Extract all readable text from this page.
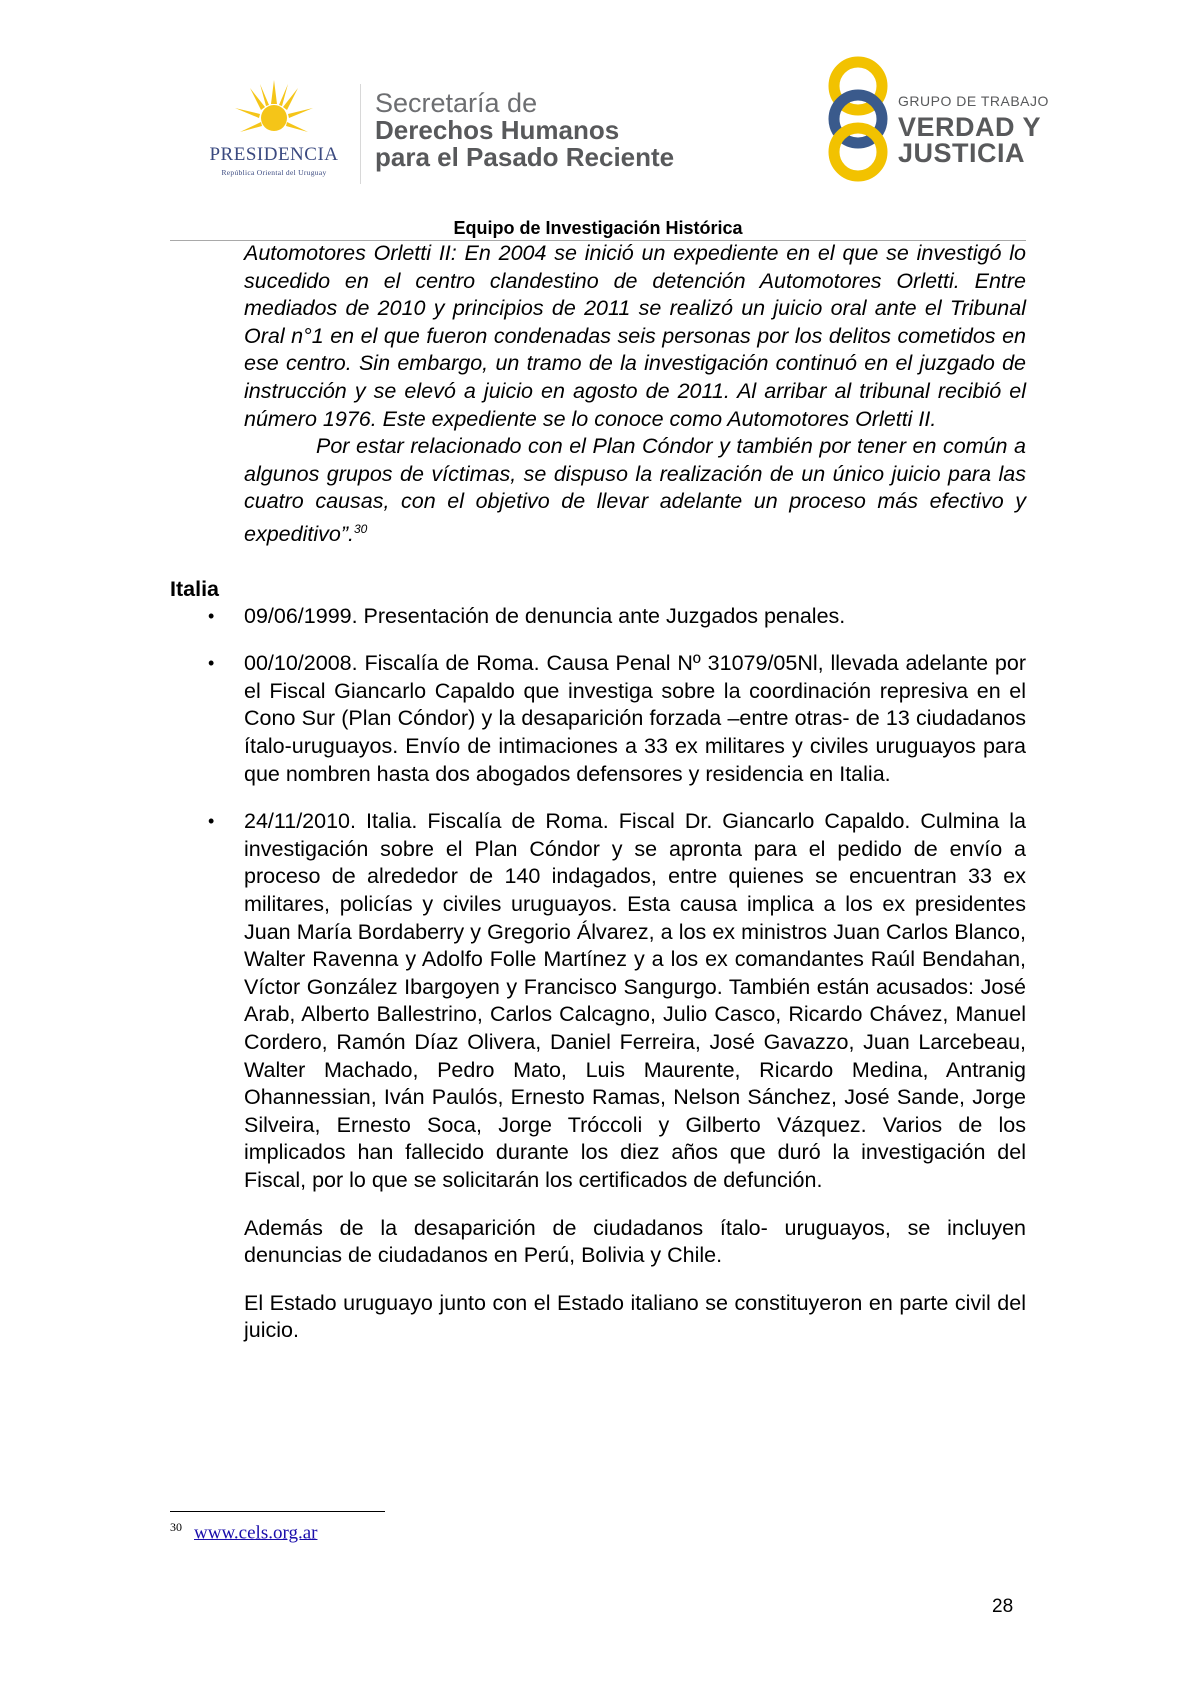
PRESIDENCIA
República Oriental del Uruguay
Secretaría de
Derechos Humanos
para el Pasado Reciente
GRUPO DE TRABAJO
VERDAD Y
JUSTICIA
Equipo de Investigación Histórica

Automotores Orletti II: En 2004 se inició un expediente en el que se investigó lo sucedido en el centro clandestino de detención Automotores Orletti. Entre mediados de 2010 y principios de 2011 se realizó un juicio oral ante el Tribunal Oral n°1 en el que fueron condenadas seis personas por los delitos cometidos en ese centro. Sin embargo, un tramo de la investigación continuó en el juzgado de instrucción y se elevó a juicio en agosto de 2011. Al arribar al tribunal recibió el número 1976. Este expediente se lo conoce como Automotores Orletti II.

Por estar relacionado con el Plan Cóndor y también por tener en común a algunos grupos de víctimas, se dispuso la realización de un único juicio para las cuatro causas, con el objetivo de llevar adelante un proceso más efectivo y expeditivo”.$^{30}$

Italia
• 09/06/1999. Presentación de denuncia ante Juzgados penales.
• 00/10/2008. Fiscalía de Roma. Causa Penal Nº 31079/05Nl, llevada adelante por el Fiscal Giancarlo Capaldo que investiga sobre la coordinación represiva en el Cono Sur (Plan Cóndor) y la desaparición forzada –entre otras- de 13 ciudadanos ítalo-uruguayos. Envío de intimaciones a 33 ex militares y civiles uruguayos para que nombren hasta dos abogados defensores y residencia en Italia.
• 24/11/2010. Italia. Fiscalía de Roma. Fiscal Dr. Giancarlo Capaldo. Culmina la investigación sobre el Plan Cóndor y se apronta para el pedido de envío a proceso de alrededor de 140 indagados, entre quienes se encuentran 33 ex militares, policías y civiles uruguayos. Esta causa implica a los ex presidentes Juan María Bordaberry y Gregorio Álvarez, a los ex ministros Juan Carlos Blanco, Walter Ravenna y Adolfo Folle Martínez y a los ex comandantes Raúl Bendahan, Víctor González Ibargoyen y Francisco Sangurgo. También están acusados: José Arab, Alberto Ballestrino, Carlos Calcagno, Julio Casco, Ricardo Chávez, Manuel Cordero, Ramón Díaz Olivera, Daniel Ferreira, José Gavazzo, Juan Larcebeau, Walter Machado, Pedro Mato, Luis Maurente, Ricardo Medina, Antranig Ohannessian, Iván Paulós, Ernesto Ramas, Nelson Sánchez, José Sande, Jorge Silveira, Ernesto Soca, Jorge Tróccoli y Gilberto Vázquez. Varios de los implicados han fallecido durante los diez años que duró la investigación del Fiscal, por lo que se solicitarán los certificados de defunción.

Además de la desaparición de ciudadanos ítalo- uruguayos, se incluyen denuncias de ciudadanos en Perú, Bolivia y Chile.

El Estado uruguayo junto con el Estado italiano se constituyeron en parte civil del juicio.

$^{30}$ www.cels.org.ar
28
